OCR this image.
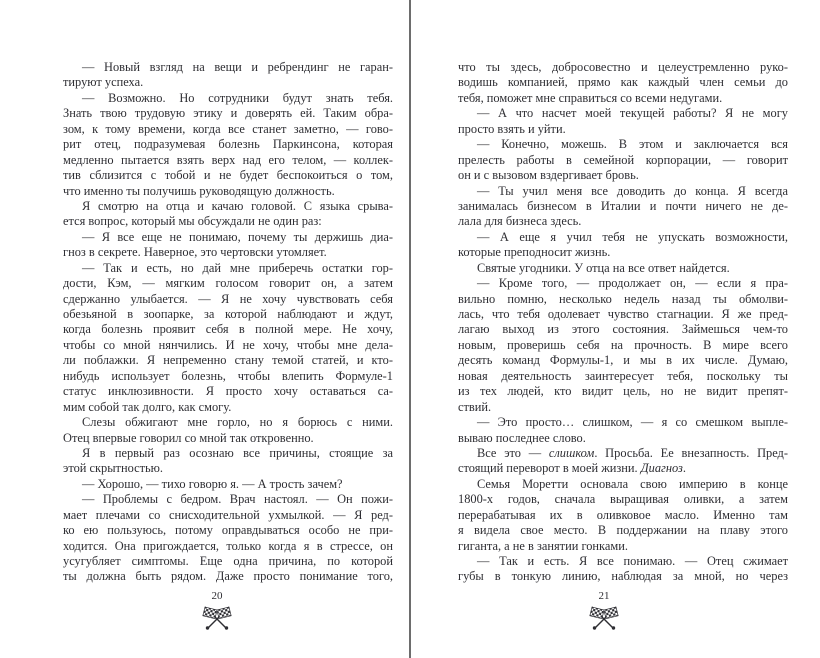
— Новый взгляд на вещи и ребрендинг не гаран-
тируют успеха.
— Возможно. Но сотрудники будут знать тебя.
Знать твою трудовую этику и доверять ей. Таким обра-
зом, к тому времени, когда все станет заметно, — гово-
рит отец, подразумевая болезнь Паркинсона, которая
медленно пытается взять верх над его телом, — коллек-
тив сблизится с тобой и не будет беспокоиться о том,
что именно ты получишь руководящую должность.
Я смотрю на отца и качаю головой. С языка срыва-
ется вопрос, который мы обсуждали не один раз:
— Я все еще не понимаю, почему ты держишь диа-
гноз в секрете. Наверное, это чертовски утомляет.
— Так и есть, но дай мне приберечь остатки гор-
дости, Кэм, — мягким голосом говорит он, а затем
сдержанно улыбается. — Я не хочу чувствовать себя
обезьяной в зоопарке, за которой наблюдают и ждут,
когда болезнь проявит себя в полной мере. Не хочу,
чтобы со мной нянчились. И не хочу, чтобы мне дела-
ли поблажки. Я непременно стану темой статей, и кто-
нибудь использует болезнь, чтобы влепить Формуле-1
статус инклюзивности. Я просто хочу оставаться са-
мим собой так долго, как смогу.
Слезы обжигают мне горло, но я борюсь с ними.
Отец впервые говорил со мной так откровенно.
Я в первый раз осознаю все причины, стоящие за
этой скрытностью.
— Хорошо, — тихо говорю я. — А трость зачем?
— Проблемы с бедром. Врач настоял. — Он пожи-
мает плечами со снисходительной ухмылкой. — Я ред-
ко ею пользуюсь, потому оправдываться особо не при-
ходится. Она пригождается, только когда я в стрессе, он
усугубляет симптомы. Еще одна причина, по которой
ты должна быть рядом. Даже просто понимание того,
20
что ты здесь, добросовестно и целеустремленно руко-
водишь компанией, прямо как каждый член семьи до
тебя, поможет мне справиться со всеми недугами.
— А что насчет моей текущей работы? Я не могу
просто взять и уйти.
— Конечно, можешь. В этом и заключается вся
прелесть работы в семейной корпорации, — говорит
он и с вызовом вздергивает бровь.
— Ты учил меня все доводить до конца. Я всегда
занималась бизнесом в Италии и почти ничего не де-
лала для бизнеса здесь.
— А еще я учил тебя не упускать возможности,
которые преподносит жизнь.
Святые угодники. У отца на все ответ найдется.
— Кроме того, — продолжает он, — если я пра-
вильно помню, несколько недель назад ты обмолви-
лась, что тебя одолевает чувство стагнации. Я же пред-
лагаю выход из этого состояния. Займешься чем-то
новым, проверишь себя на прочность. В мире всего
десять команд Формулы-1, и мы в их числе. Думаю,
новая деятельность заинтересует тебя, поскольку ты
из тех людей, кто видит цель, но не видит препят-
ствий.
— Это просто… слишком, — я со смешком выпле-
вываю последнее слово.
Все это — слишком. Просьба. Ее внезапность. Пред-
стоящий переворот в моей жизни. Диагноз.
Семья Моретти основала свою империю в конце
1800-х годов, сначала выращивая оливки, а затем
перерабатывая их в оливковое масло. Именно там
я видела свое место. В поддержании на плаву этого
гиганта, а не в занятии гонками.
— Так и есть. Я все понимаю. — Отец сжимает
губы в тонкую линию, наблюдая за мной, но через
21
